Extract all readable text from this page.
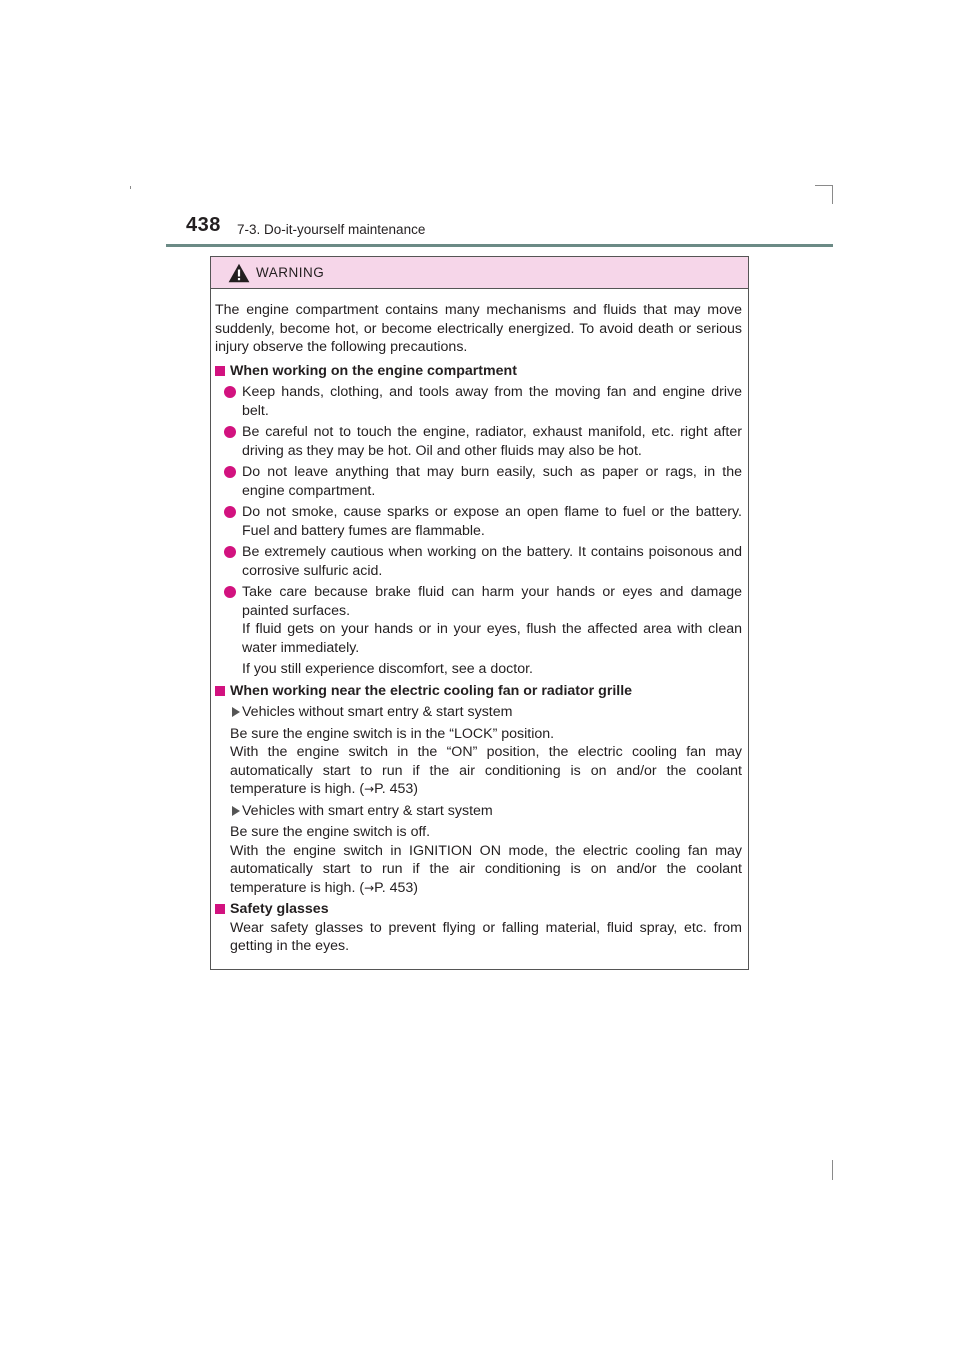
438 7-3. Do-it-yourself maintenance
WARNING

The engine compartment contains many mechanisms and fluids that may move suddenly, become hot, or become electrically energized. To avoid death or serious injury observe the following precautions.

When working on the engine compartment
Keep hands, clothing, and tools away from the moving fan and engine drive belt.
Be careful not to touch the engine, radiator, exhaust manifold, etc. right after driving as they may be hot. Oil and other fluids may also be hot.
Do not leave anything that may burn easily, such as paper or rags, in the engine compartment.
Do not smoke, cause sparks or expose an open flame to fuel or the battery. Fuel and battery fumes are flammable.
Be extremely cautious when working on the battery. It contains poisonous and corrosive sulfuric acid.
Take care because brake fluid can harm your hands or eyes and damage painted surfaces.
If fluid gets on your hands or in your eyes, flush the affected area with clean water immediately.
If you still experience discomfort, see a doctor.
When working near the electric cooling fan or radiator grille
Vehicles without smart entry & start system
Be sure the engine switch is in the “LOCK” position.
With the engine switch in the “ON” position, the electric cooling fan may automatically start to run if the air conditioning is on and/or the coolant temperature is high. (→P. 453)
Vehicles with smart entry & start system
Be sure the engine switch is off.
With the engine switch in IGNITION ON mode, the electric cooling fan may automatically start to run if the air conditioning is on and/or the coolant temperature is high. (→P. 453)
Safety glasses
Wear safety glasses to prevent flying or falling material, fluid spray, etc. from getting in the eyes.
